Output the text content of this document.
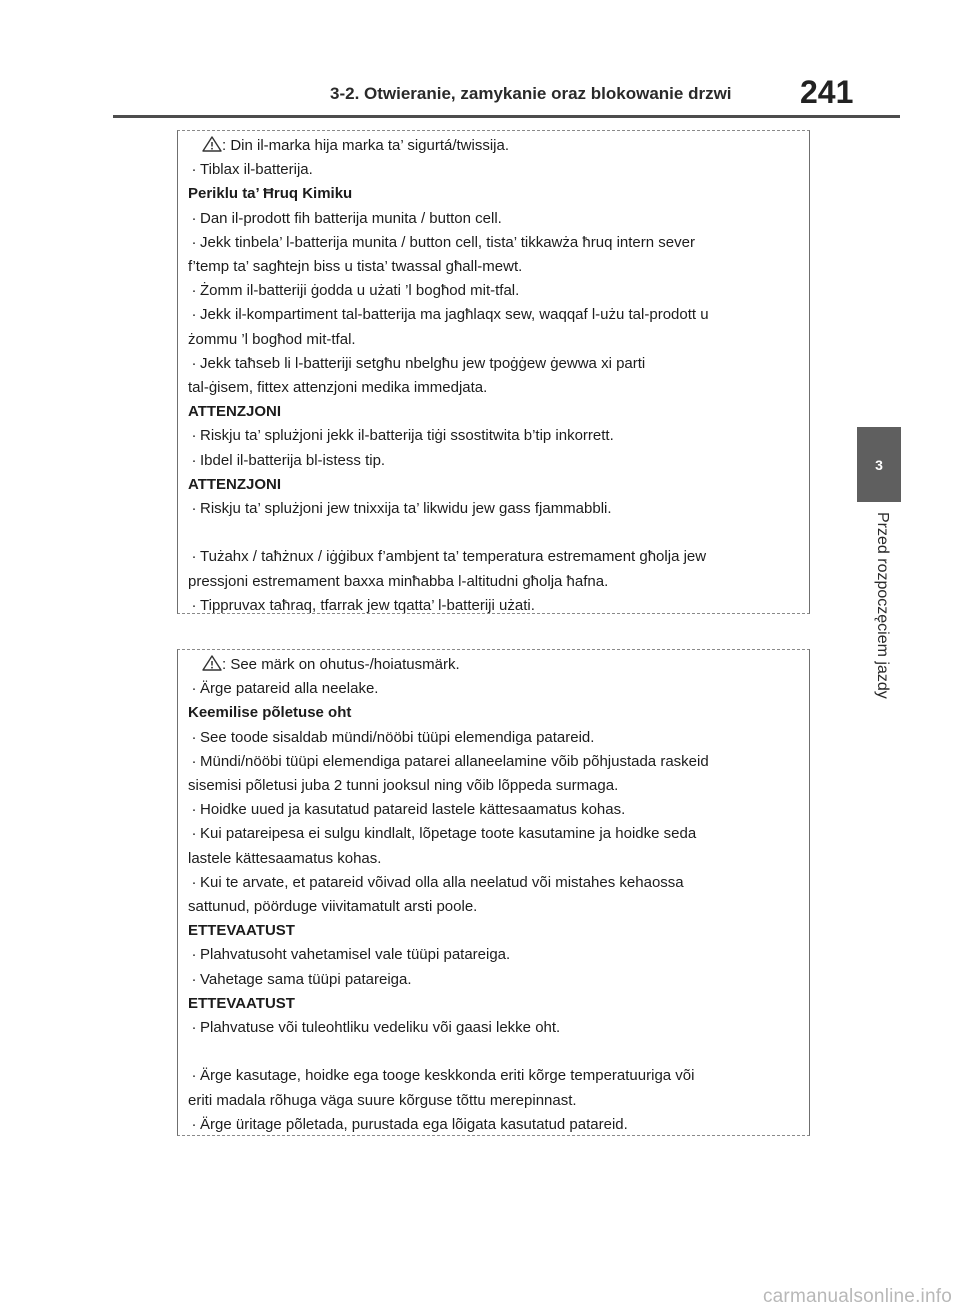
3-2. Otwieranie, zamykanie oraz blokowanie drzwi	241
3
Przed rozpoczęciem jazdy
: Din il-marka hija marka ta’ sigurtá/twissija.
· Tiblax il-batterija.
Periklu ta’ Ħruq Kimiku
· Dan il-prodott fih batterija munita / button cell.
· Jekk tinbela’ l-batterija munita / button cell, tista’ tikkawża ħruq intern sever
f’temp ta’ sagħtejn biss u tista’ twassal għall-mewt.
· Żomm il-batteriji ġodda u użati ’l bogħod mit-tfal.
· Jekk il-kompartiment tal-batterija ma jagħlaqx sew, waqqaf l-użu tal-prodott u
żommu ’l bogħod mit-tfal.
· Jekk taħseb li l-batteriji setgħu nbelgħu jew tpoġġew ġewwa xi parti
tal-ġisem, fittex attenzjoni medika immedjata.
ATTENZJONI
· Riskju ta’ splużjoni jekk il-batterija tiġi ssostitwita b’tip inkorrett.
· Ibdel il-batterija bl-istess tip.
ATTENZJONI
· Riskju ta’ splużjoni jew tnixxija ta’ likwidu jew gass fjammabbli.
· Tużahx / taħżnux / iġġibux f’ambjent ta’ temperatura estremament għolja jew
pressjoni estremament baxxa minħabba l-altitudni għolja ħafna.
· Tippruvax taħraq, tfarrak jew tqatta’ l-batteriji użati.
: See märk on ohutus-/hoiatusmärk.
· Ärge patareid alla neelake.
Keemilise põletuse oht
· See toode sisaldab mündi/nööbi tüüpi elemendiga patareid.
· Mündi/nööbi tüüpi elemendiga patarei allaneelamine võib põhjustada raskeid
sisemisi põletusi juba 2 tunni jooksul ning võib lõppeda surmaga.
· Hoidke uued ja kasutatud patareid lastele kättesaamatus kohas.
· Kui patareipesa ei sulgu kindlalt, lõpetage toote kasutamine ja hoidke seda
lastele kättesaamatus kohas.
· Kui te arvate, et patareid võivad olla alla neelatud või mistahes kehaossa
sattunud, pöörduge viivitamatult arsti poole.
ETTEVAATUST
· Plahvatusoht vahetamisel vale tüüpi patareiga.
· Vahetage sama tüüpi patareiga.
ETTEVAATUST
· Plahvatuse või tuleohtliku vedeliku või gaasi lekke oht.
· Ärge kasutage, hoidke ega tooge keskkonda eriti kõrge temperatuuriga või
eriti madala rõhuga väga suure kõrguse tõttu merepinnast.
· Ärge üritage põletada, purustada ega lõigata kasutatud patareid.
carmanualsonline.info
